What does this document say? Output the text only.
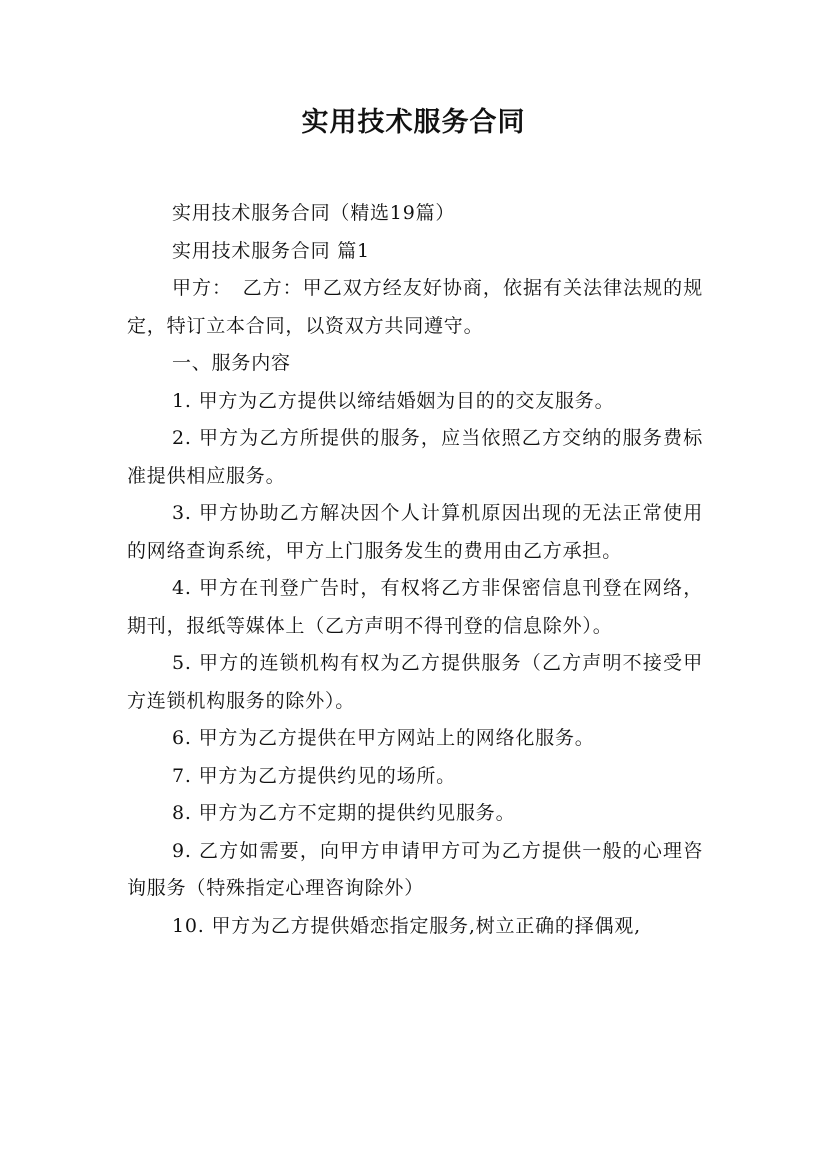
实用技术服务合同

实用技术服务合同（精选19篇）

实用技术服务合同 篇1

甲方：　乙方：甲乙双方经友好协商，依据有关法律法规的规定，特订立本合同，以资双方共同遵守。

一、服务内容

1. 甲方为乙方提供以缔结婚姻为目的的交友服务。

2. 甲方为乙方所提供的服务，应当依照乙方交纳的服务费标准提供相应服务。

3. 甲方协助乙方解决因个人计算机原因出现的无法正常使用的网络查询系统，甲方上门服务发生的费用由乙方承担。

4. 甲方在刊登广告时，有权将乙方非保密信息刊登在网络，期刊，报纸等媒体上（乙方声明不得刊登的信息除外）。

5. 甲方的连锁机构有权为乙方提供服务（乙方声明不接受甲方连锁机构服务的除外）。

6. 甲方为乙方提供在甲方网站上的网络化服务。

7. 甲方为乙方提供约见的场所。

8. 甲方为乙方不定期的提供约见服务。

9. 乙方如需要，向甲方申请甲方可为乙方提供一般的心理咨询服务（特殊指定心理咨询除外）

10. 甲方为乙方提供婚恋指定服务,树立正确的择偶观,
